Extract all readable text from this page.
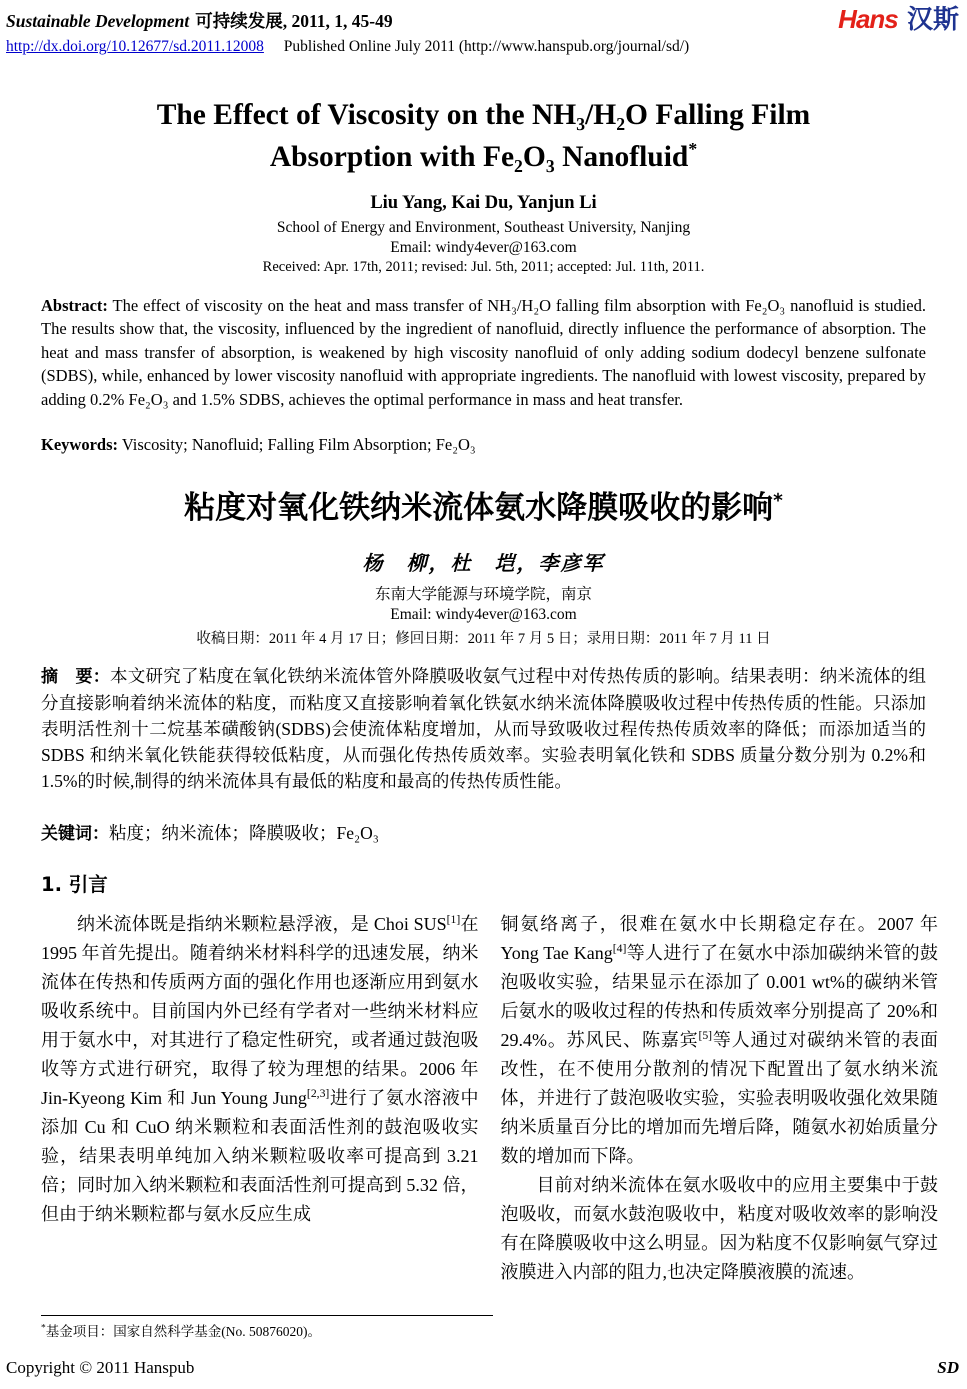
Sustainable Development 可持续发展, 2011, 1, 45-49
http://dx.doi.org/10.12677/sd.2011.12008 Published Online July 2011 (http://www.hanspub.org/journal/sd/)
Hans 汉斯
The Effect of Viscosity on the NH₃/H₂O Falling Film
Absorption with Fe₂O₃ Nanofluid*
Liu Yang, Kai Du, Yanjun Li
School of Energy and Environment, Southeast University, Nanjing
Email: windy4ever@163.com
Received: Apr. 17th, 2011; revised: Jul. 5th, 2011; accepted: Jul. 11th, 2011.
Abstract: The effect of viscosity on the heat and mass transfer of NH₃/H₂O falling film absorption with Fe₂O₃ nanofluid is studied. The results show that, the viscosity, influenced by the ingredient of nanofluid, directly influence the performance of absorption. The heat and mass transfer of absorption, is weakened by high viscosity nanofluid of only adding sodium dodecyl benzene sulfonate (SDBS), while, enhanced by lower viscosity nanofluid with appropriate ingredients. The nanofluid with lowest viscosity, prepared by adding 0.2% Fe₂O₃ and 1.5% SDBS, achieves the optimal performance in mass and heat transfer.
Keywords: Viscosity; Nanofluid; Falling Film Absorption; Fe₂O₃
粘度对氧化铁纳米流体氨水降膜吸收的影响*
杨　柳，杜　垲，李彦军
东南大学能源与环境学院，南京
Email: windy4ever@163.com
收稿日期：2011 年 4 月 17 日；修回日期：2011 年 7 月 5 日；录用日期：2011 年 7 月 11 日
摘　要：本文研究了粘度在氧化铁纳米流体管外降膜吸收氨气过程中对传热传质的影响。结果表明：纳米流体的组分直接影响着纳米流体的粘度，而粘度又直接影响着氧化铁氨水纳米流体降膜吸收过程中传热传质的性能。只添加表明活性剂十二烷基苯磺酸钠(SDBS)会使流体粘度增加，从而导致吸收过程传热传质效率的降低；而添加适当的 SDBS 和纳米氧化铁能获得较低粘度，从而强化传热传质效率。实验表明氧化铁和 SDBS 质量分数分别为 0.2%和 1.5%的时候,制得的纳米流体具有最低的粘度和最高的传热传质性能。
关键词：粘度；纳米流体；降膜吸收；Fe₂O₃
1. 引言

纳米流体既是指纳米颗粒悬浮液，是 Choi SUS[1]在 1995 年首先提出。随着纳米材料科学的迅速发展，纳米流体在传热和传质两方面的强化作用也逐渐应用到氨水吸收系统中。目前国内外已经有学者对一些纳米材料应用于氨水中，对其进行了稳定性研究，或者通过鼓泡吸收等方式进行研究，取得了较为理想的结果。2006 年 Jin-Kyeong Kim 和 Jun Young Jung[2,3]进行了氨水溶液中添加 Cu 和 CuO 纳米颗粒和表面活性剂的鼓泡吸收实验，结果表明单纯加入纳米颗粒吸收率可提高到 3.21 倍；同时加入纳米颗粒和表面活性剂可提高到 5.32 倍，但由于纳米颗粒都与氨水反应生成

铜氨络离子，很难在氨水中长期稳定存在。2007 年 Yong Tae Kang[4]等人进行了在氨水中添加碳纳米管的鼓泡吸收实验，结果显示在添加了 0.001 wt%的碳纳米管后氨水的吸收过程的传热和传质效率分别提高了 20%和 29.4%。苏风民、陈嘉宾[5]等人通过对碳纳米管的表面改性，在不使用分散剂的情况下配置出了氨水纳米流体，并进行了鼓泡吸收实验，实验表明吸收强化效果随纳米质量百分比的增加而先增后降，随氨水初始质量分数的增加而下降。

目前对纳米流体在氨水吸收中的应用主要集中于鼓泡吸收，而氨水鼓泡吸收中，粘度对吸收效率的影响没有在降膜吸收中这么明显。因为粘度不仅影响氨气穿过液膜进入内部的阻力,也决定降膜液膜的流速。

*基金项目：国家自然科学基金(No. 50876020)。
Copyright © 2011 Hanspub	SD
